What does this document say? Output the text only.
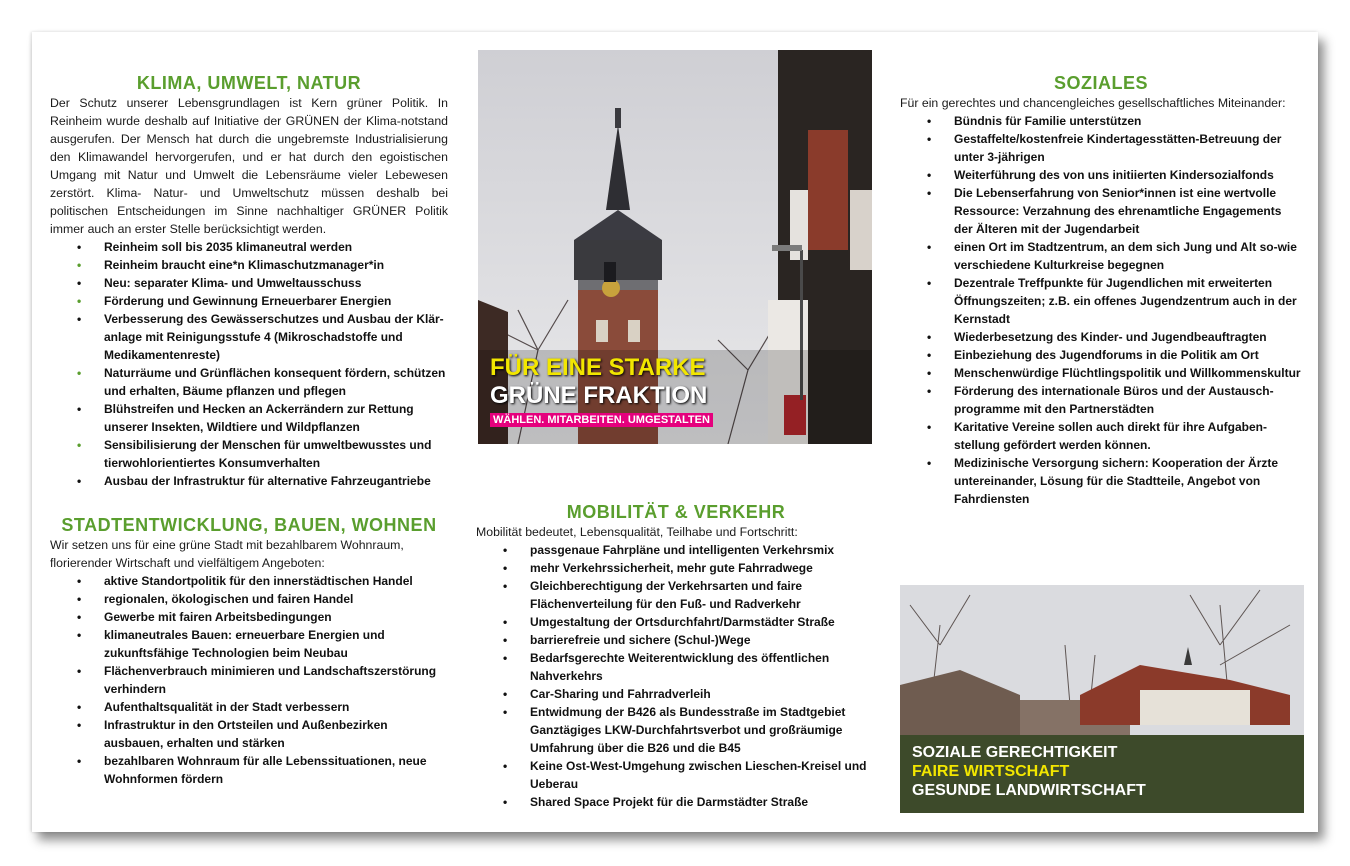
KLIMA, UMWELT, NATUR

Der Schutz unserer Lebensgrundlagen ist Kern grüner Politik. In Reinheim wurde deshalb auf Initiative der GRÜNEN der Klima-notstand ausgerufen. Der Mensch hat durch die ungebremste Industrialisierung den Klimawandel hervorgerufen, und er hat durch den egoistischen Umgang mit Natur und Umwelt die Lebensräume vieler Lebewesen zerstört. Klima- Natur- und Umweltschutz müssen deshalb bei politischen Entscheidungen im Sinne nachhaltiger GRÜNER Politik immer auch an erster Stelle berücksichtigt werden.

• Reinheim soll bis 2035 klimaneutral werden
• Reinheim braucht eine*n Klimaschutzmanager*in
• Neu: separater Klima- und Umweltausschuss
• Förderung und Gewinnung Erneuerbarer Energien
• Verbesserung des Gewässerschutzes und Ausbau der Klär-anlage mit Reinigungsstufe 4 (Mikroschadstoffe und Medikamentenreste)
• Naturräume und Grünflächen konsequent fördern, schützen und erhalten, Bäume pflanzen und pflegen
• Blühstreifen und Hecken an Ackerrändern zur Rettung unserer Insekten, Wildtiere und Wildpflanzen
• Sensibilisierung der Menschen für umweltbewusstes und tierwohlorientiertes Konsumverhalten
• Ausbau der Infrastruktur für alternative Fahrzeugantriebe
STADTENTWICKLUNG, BAUEN, WOHNEN

Wir setzen uns für eine grüne Stadt mit bezahlbarem Wohnraum, florierender Wirtschaft und vielfältigem Angeboten:

• aktive Standortpolitik für den innerstädtischen Handel
• regionalen, ökologischen und fairen Handel
• Gewerbe mit fairen Arbeitsbedingungen
• klimaneutrales Bauen: erneuerbare Energien und zukunftsfähige Technologien beim Neubau
• Flächenverbrauch minimieren und Landschaftszerstörung verhindern
• Aufenthaltsqualität in der Stadt verbessern
• Infrastruktur in den Ortsteilen und Außenbezirken ausbauen, erhalten und stärken
• bezahlbaren Wohnraum für alle Lebenssituationen, neue Wohnformen fördern
FÜR EINE STARKE
GRÜNE FRAKTION
WÄHLEN. MITARBEITEN. UMGESTALTEN
MOBILITÄT & VERKEHR

Mobilität bedeutet, Lebensqualität, Teilhabe und Fortschritt:

• passgenaue Fahrpläne und intelligenten Verkehrsmix
• mehr Verkehrssicherheit, mehr gute Fahrradwege
• Gleichberechtigung der Verkehrsarten und faire Flächenverteilung für den Fuß- und Radverkehr
• Umgestaltung der Ortsdurchfahrt/Darmstädter Straße
• barrierefreie und sichere (Schul-)Wege
• Bedarfsgerechte Weiterentwicklung des öffentlichen Nahverkehrs
• Car-Sharing und Fahrradverleih
• Entwidmung der B426 als Bundesstraße im Stadtgebiet Ganztägiges LKW-Durchfahrtsverbot und großräumige Umfahrung über die B26 und die B45
• Keine Ost-West-Umgehung zwischen Lieschen-Kreisel und Ueberau
• Shared Space Projekt für die Darmstädter Straße
SOZIALES

Für ein gerechtes und chancengleiches gesellschaftliches Miteinander:

• Bündnis für Familie unterstützen
• Gestaffelte/kostenfreie Kindertagesstätten-Betreuung der unter 3-jährigen
• Weiterführung des von uns initiierten Kindersozialfonds
• Die Lebenserfahrung von Senior*innen ist eine wertvolle Ressource: Verzahnung des ehrenamtliche Engagements der Älteren mit der Jugendarbeit
• einen Ort im Stadtzentrum, an dem sich Jung und Alt so-wie verschiedene Kulturkreise begegnen
• Dezentrale Treffpunkte für Jugendlichen mit erweiterten Öffnungszeiten; z.B. ein offenes Jugendzentrum auch in der Kernstadt
• Wiederbesetzung des Kinder- und Jugendbeauftragten
• Einbeziehung des Jugendforums in die Politik am Ort
• Menschenwürdige Flüchtlingspolitik und Willkommenskultur
• Förderung des internationale Büros und der Austausch-programme mit den Partnerstädten
• Karitative Vereine sollen auch direkt für ihre Aufgaben-stellung gefördert werden können.
• Medizinische Versorgung sichern: Kooperation der Ärzte untereinander, Lösung für die Stadtteile, Angebot von Fahrdiensten
SOZIALE GERECHTIGKEIT
FAIRE WIRTSCHAFT
GESUNDE LANDWIRTSCHAFT
